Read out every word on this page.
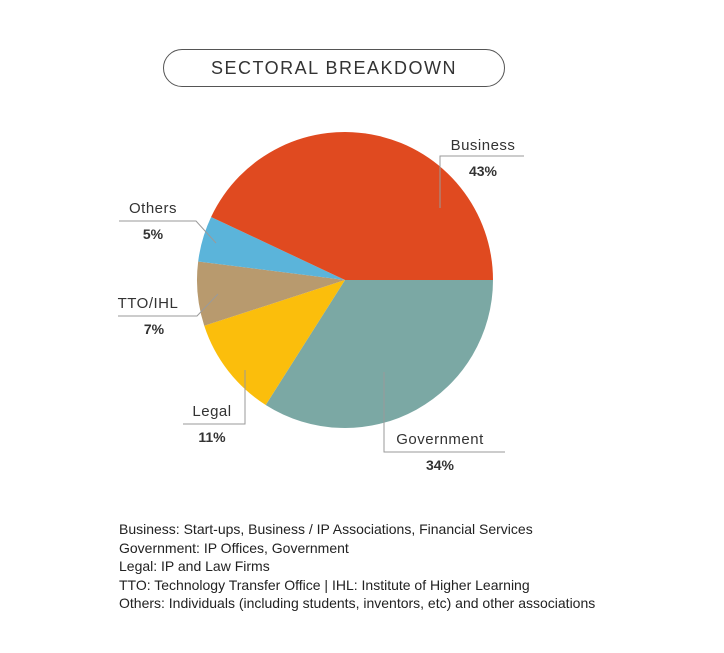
SECTORAL BREAKDOWN
Business
43%
Government
34%
Legal
11%
TTO/IHL
7%
Others
5%
Business: Start-ups, Business / IP Associations, Financial Services
Government: IP Offices, Government
Legal: IP and Law Firms
TTO: Technology Transfer Office | IHL: Institute of Higher Learning
Others: Individuals (including students, inventors, etc) and other associations
